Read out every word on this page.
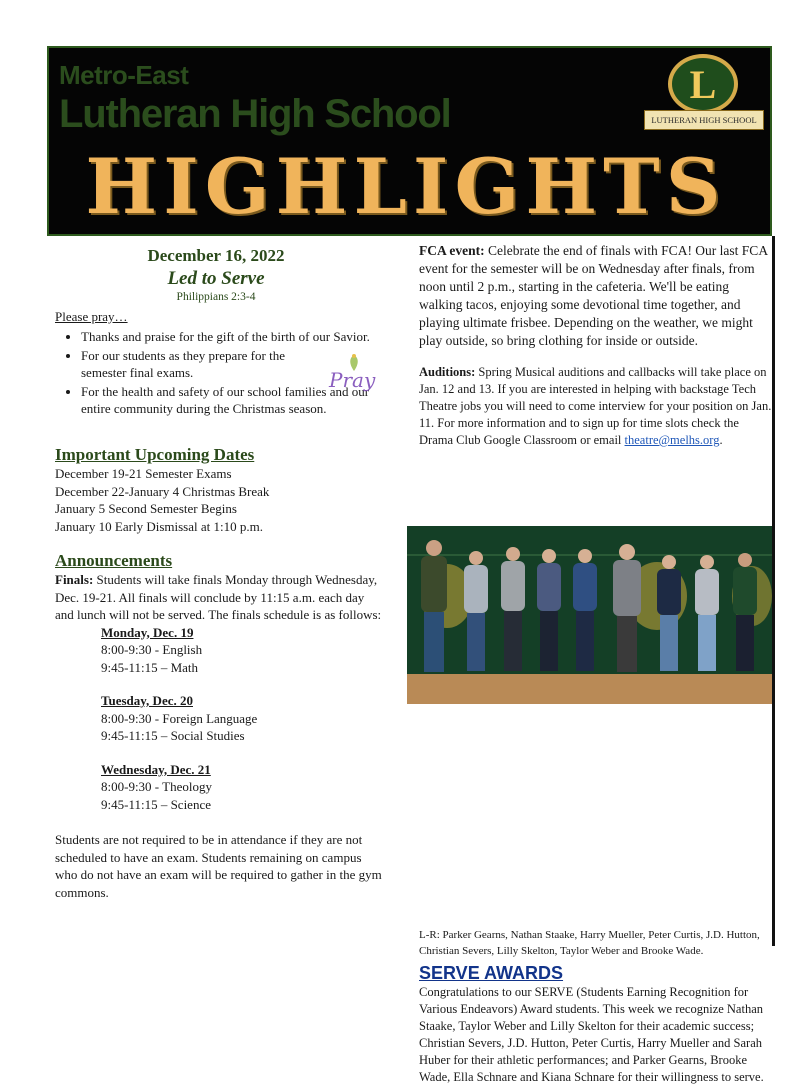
Metro-East
Lutheran High School
HIGHLIGHTS
L
LUTHERAN HIGH SCHOOL
December 16, 2022
Led to Serve
Philippians 2:3-4
Please pray…
• Thanks and praise for the gift of the birth of our Savior.
• For our students as they prepare for the semester final exams.
• For the health and safety of our school families and our entire community during the Christmas season.
Pray
Important Upcoming Dates
December 19-21 Semester Exams
December 22-January 4 Christmas Break
January 5 Second Semester Begins
January 10 Early Dismissal at 1:10 p.m.
Announcements
Finals: Students will take finals Monday through Wednesday, Dec. 19-21. All finals will conclude by 11:15 a.m. each day and lunch will not be served. The finals schedule is as follows:
Monday, Dec. 19
8:00-9:30 - English
9:45-11:15 – Math
Tuesday, Dec. 20
8:00-9:30 - Foreign Language
9:45-11:15 – Social Studies
Wednesday, Dec. 21
8:00-9:30 - Theology
9:45-11:15 – Science
Students are not required to be in attendance if they are not scheduled to have an exam. Students remaining on campus who do not have an exam will be required to gather in the gym commons.
FCA event: Celebrate the end of finals with FCA! Our last FCA event for the semester will be on Wednesday after finals, from noon until 2 p.m., starting in the cafeteria. We'll be eating walking tacos, enjoying some devotional time together, and playing ultimate frisbee. Depending on the weather, we might play outside, so bring clothing for inside or outside.
Auditions: Spring Musical auditions and callbacks will take place on Jan. 12 and 13. If you are interested in helping with backstage Tech Theatre jobs you will need to come interview for your position on Jan. 11. For more information and to sign up for time slots check the Drama Club Google Classroom or email theatre@melhs.org.
L-R: Parker Gearns, Nathan Staake, Harry Mueller, Peter Curtis, J.D. Hutton, Christian Severs, Lilly Skelton, Taylor Weber and Brooke Wade.
SERVE AWARDS
Congratulations to our SERVE (Students Earning Recognition for Various Endeavors) Award students. This week we recognize Nathan Staake, Taylor Weber and Lilly Skelton for their academic success; Christian Severs, J.D. Hutton, Peter Curtis, Harry Mueller and Sarah Huber for their athletic performances; and Parker Gearns, Brooke Wade, Ella Schnare and Kiana Schnare for their willingness to serve.
